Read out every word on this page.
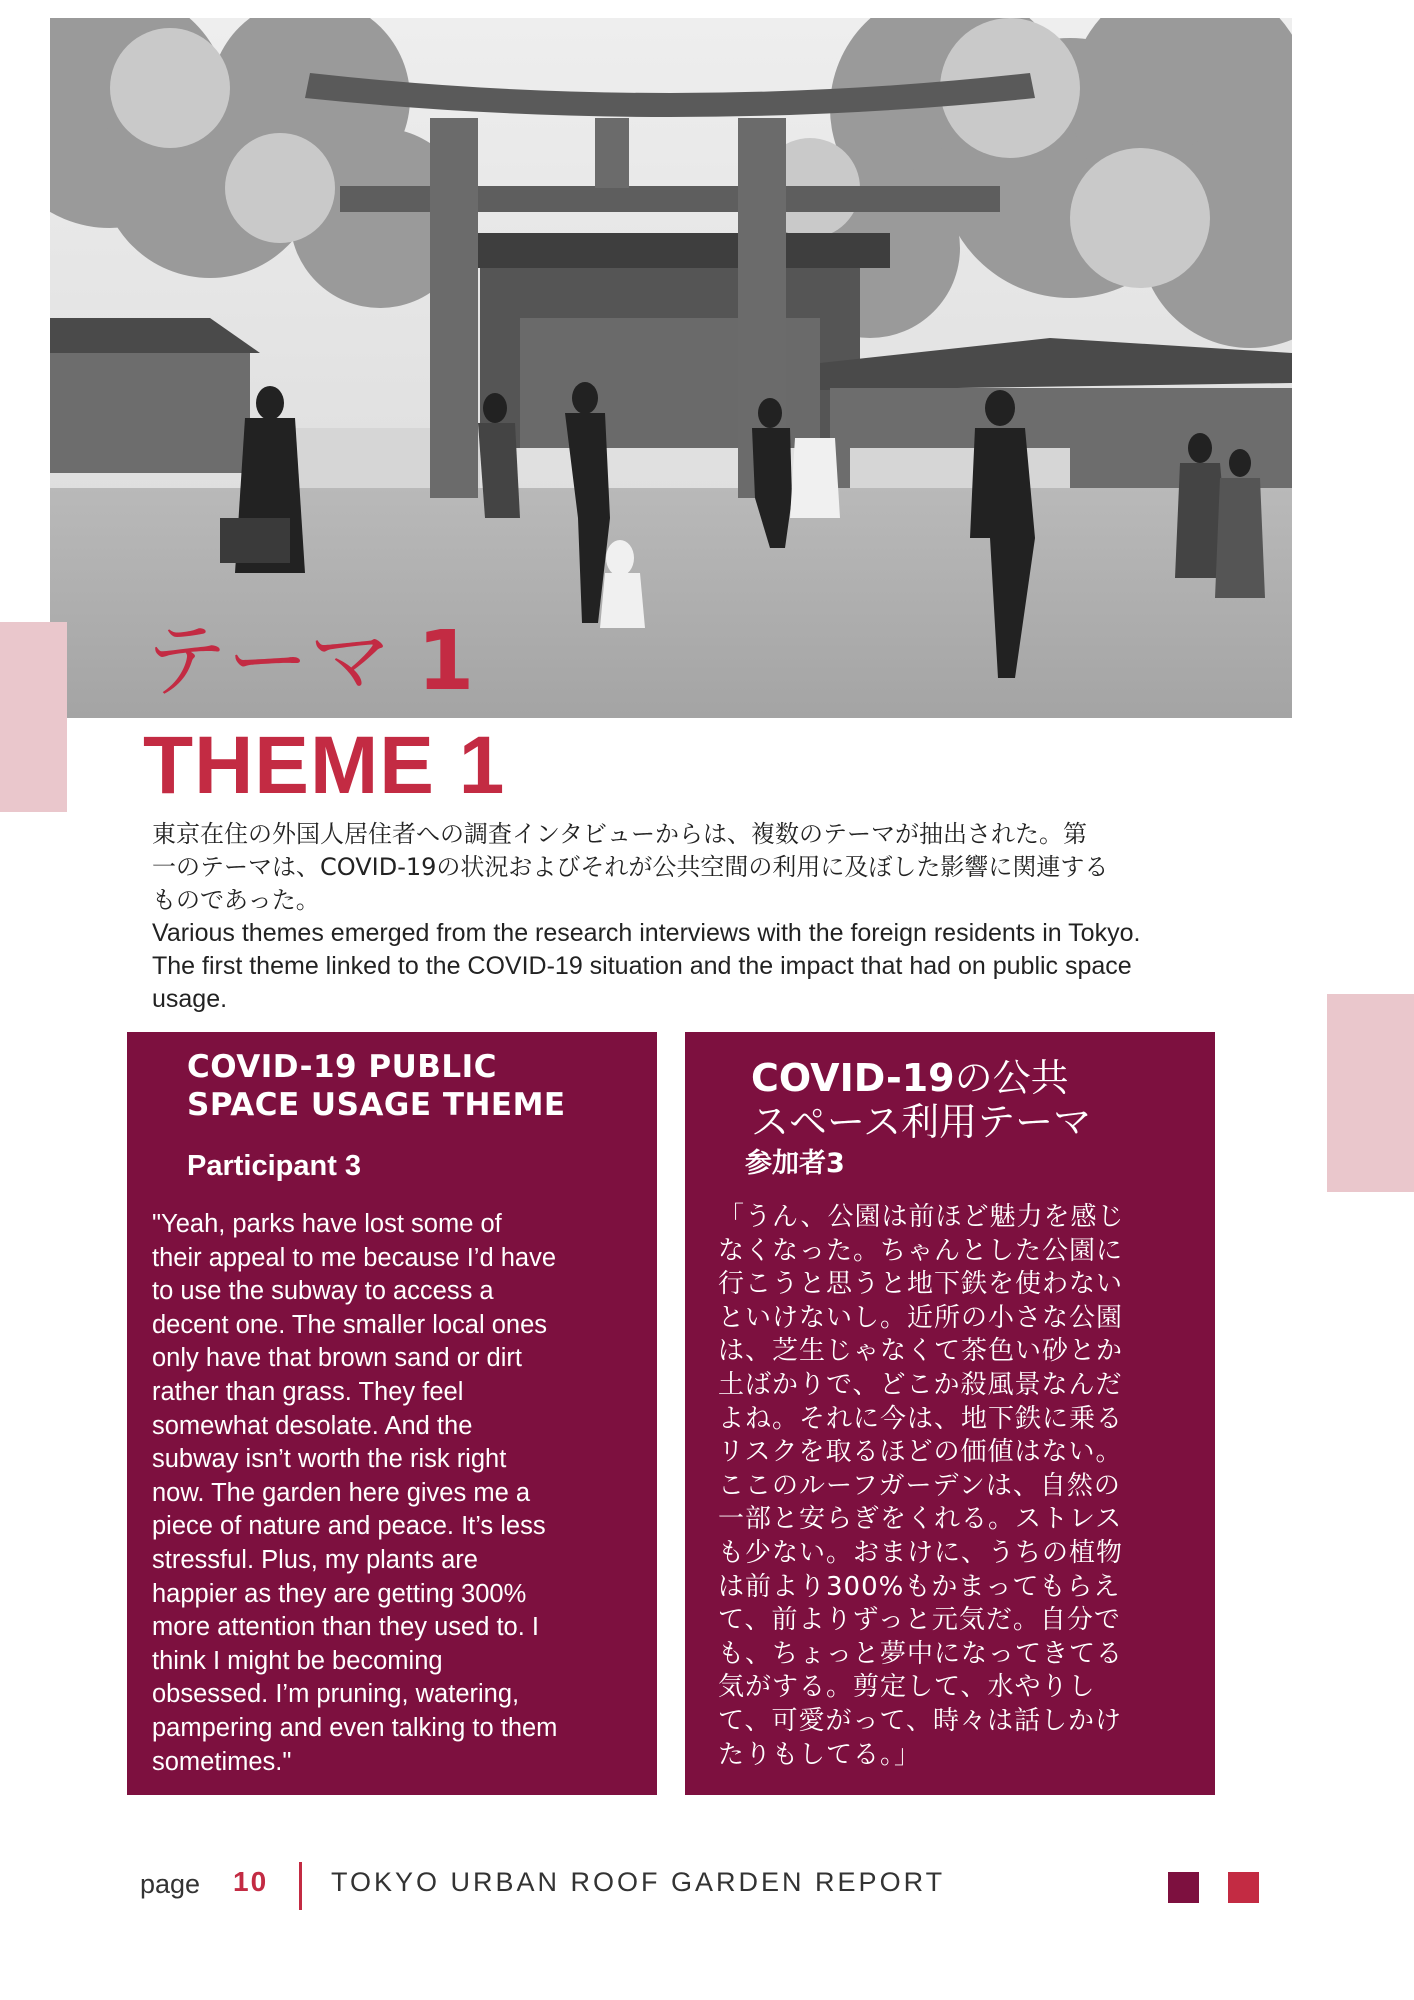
テーマ 1
THEME 1
東京在住の外国人居住者への調査インタビューからは、複数のテーマが抽出された。第
一のテーマは、COVID-19の状況およびそれが公共空間の利用に及ぼした影響に関連する
ものであった。
Various themes emerged from the research interviews with the foreign residents in Tokyo.
The first theme linked to the COVID-19 situation and the impact that had on public space
usage.
COVID-19 PUBLIC
SPACE USAGE THEME
Participant 3
"Yeah, parks have lost some of
their appeal to me because I’d have
to use the subway to access a
decent one. The smaller local ones
only have that brown sand or dirt
rather than grass. They feel
somewhat desolate. And the
subway isn’t worth the risk right
now. The garden here gives me a
piece of nature and peace. It’s less
stressful. Plus, my plants are
happier as they are getting 300%
more attention than they used to. I
think I might be becoming
obsessed. I’m pruning, watering,
pampering and even talking to them
sometimes."
COVID-19の公共
スペース利用テーマ
参加者3
「うん、公園は前ほど魅力を感じ
なくなった。ちゃんとした公園に
行こうと思うと地下鉄を使わない
といけないし。近所の小さな公園
は、芝生じゃなくて茶色い砂とか
土ばかりで、どこか殺風景なんだ
よね。それに今は、地下鉄に乗る
リスクを取るほどの価値はない。
ここのルーフガーデンは、自然の
一部と安らぎをくれる。ストレス
も少ない。おまけに、うちの植物
は前より300%もかまってもらえ
て、前よりずっと元気だ。自分で
も、ちょっと夢中になってきてる
気がする。剪定して、水やりし
て、可愛がって、時々は話しかけ
たりもしてる。」
page 10 TOKYO URBAN ROOF GARDEN REPORT
